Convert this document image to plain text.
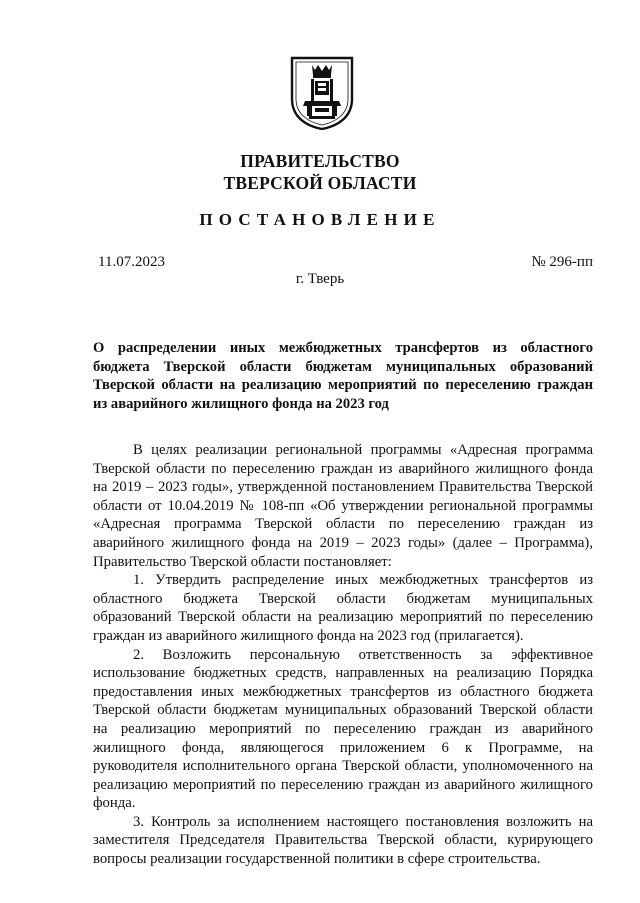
ПРАВИТЕЛЬСТВО
ТВЕРСКОЙ ОБЛАСТИ
ПОСТАНОВЛЕНИЕ
11.07.2023	№ 296-пп
г. Тверь
О распределении иных межбюджетных трансфертов из областного
бюджета Тверской области бюджетам муниципальных образований
Тверской области на реализацию мероприятий по переселению граждан
из аварийного жилищного фонда на 2023 год
В целях реализации региональной программы «Адресная программа
Тверской области по переселению граждан из аварийного жилищного фонда
на 2019 – 2023 годы», утвержденной постановлением Правительства Тверской
области от 10.04.2019 № 108-пп «Об утверждении региональной программы
«Адресная программа Тверской области по переселению граждан из
аварийного жилищного фонда на 2019 – 2023 годы» (далее – Программа),
Правительство Тверской области постановляет:
1. Утвердить распределение иных межбюджетных трансфертов из
областного бюджета Тверской области бюджетам муниципальных
образований Тверской области на реализацию мероприятий по переселению
граждан из аварийного жилищного фонда на 2023 год (прилагается).
2. Возложить персональную ответственность за эффективное
использование бюджетных средств, направленных на реализацию Порядка
предоставления иных межбюджетных трансфертов из областного бюджета
Тверской области бюджетам муниципальных образований Тверской области
на реализацию мероприятий по переселению граждан из аварийного
жилищного фонда, являющегося приложением 6 к Программе, на
руководителя исполнительного органа Тверской области, уполномоченного на
реализацию мероприятий по переселению граждан из аварийного жилищного
фонда.
3. Контроль за исполнением настоящего постановления возложить на
заместителя Председателя Правительства Тверской области, курирующего
вопросы реализации государственной политики в сфере строительства.
